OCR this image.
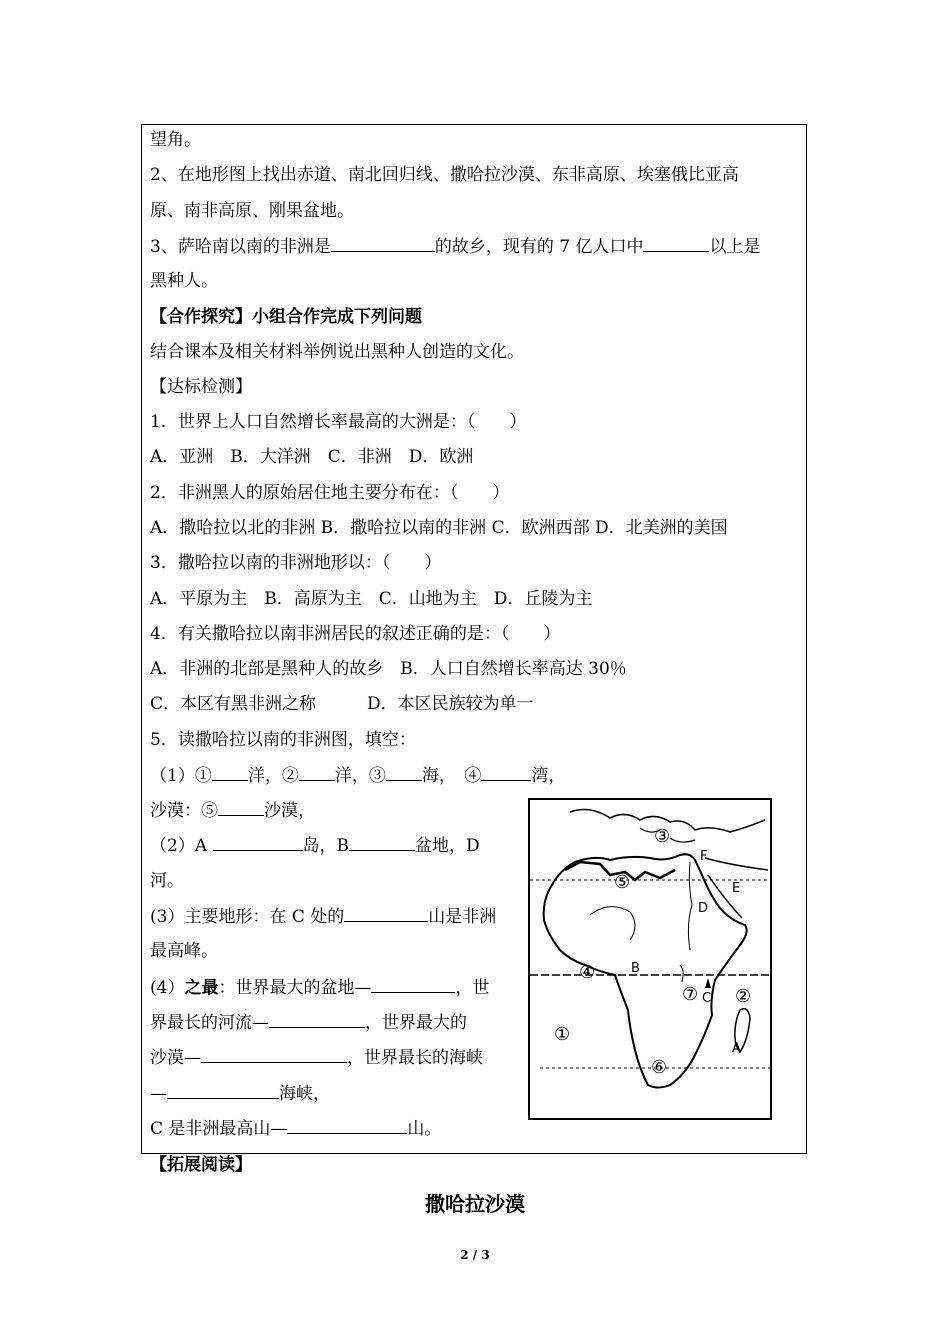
望角。
2、在地形图上找出赤道、南北回归线、撒哈拉沙漠、东非高原、埃塞俄比亚高
原、南非高原、刚果盆地。
3、萨哈南以南的非洲是	的故乡，现有的 7 亿人口中	以上是
黑种人。
【合作探究】小组合作完成下列问题
结合课本及相关材料举例说出黑种人创造的文化。
【达标检测】
1．世界上人口自然增长率最高的大洲是：（　　）
A．亚洲　B．大洋洲　C．非洲　D．欧洲
2．非洲黑人的原始居住地主要分布在：（　　）
A．撒哈拉以北的非洲 B．撒哈拉以南的非洲 C．欧洲西部 D．北美洲的美国
3．撒哈拉以南的非洲地形以：（　　）
A．平原为主　B．高原为主　C．山地为主　D．丘陵为主
4．有关撒哈拉以南非洲居民的叙述正确的是：（　　）
A．非洲的北部是黑种人的故乡　B．人口自然增长率高达 30％
C．本区有黑非洲之称　　　D．本区民族较为单一
5．读撒哈拉以南的非洲图，填空：
（1）① 洋，② 洋，③ 海，　④	湾，
沙漠：⑤	沙漠，
（2）A	岛，B	盆地，D
河。
(3）主要地形：在 C 处的	山是非洲
最高峰。
(4）之最：世界最大的盆地—	，世
界最长的河流—	，世界最大的
沙漠—	，世界最长的海峡
—	海峡，
C 是非洲最高山—	山。
【拓展阅读】
③
⑤
④
①
②
⑥
⑦
F
E
D
B
C
A
撒哈拉沙漠
2 / 3
